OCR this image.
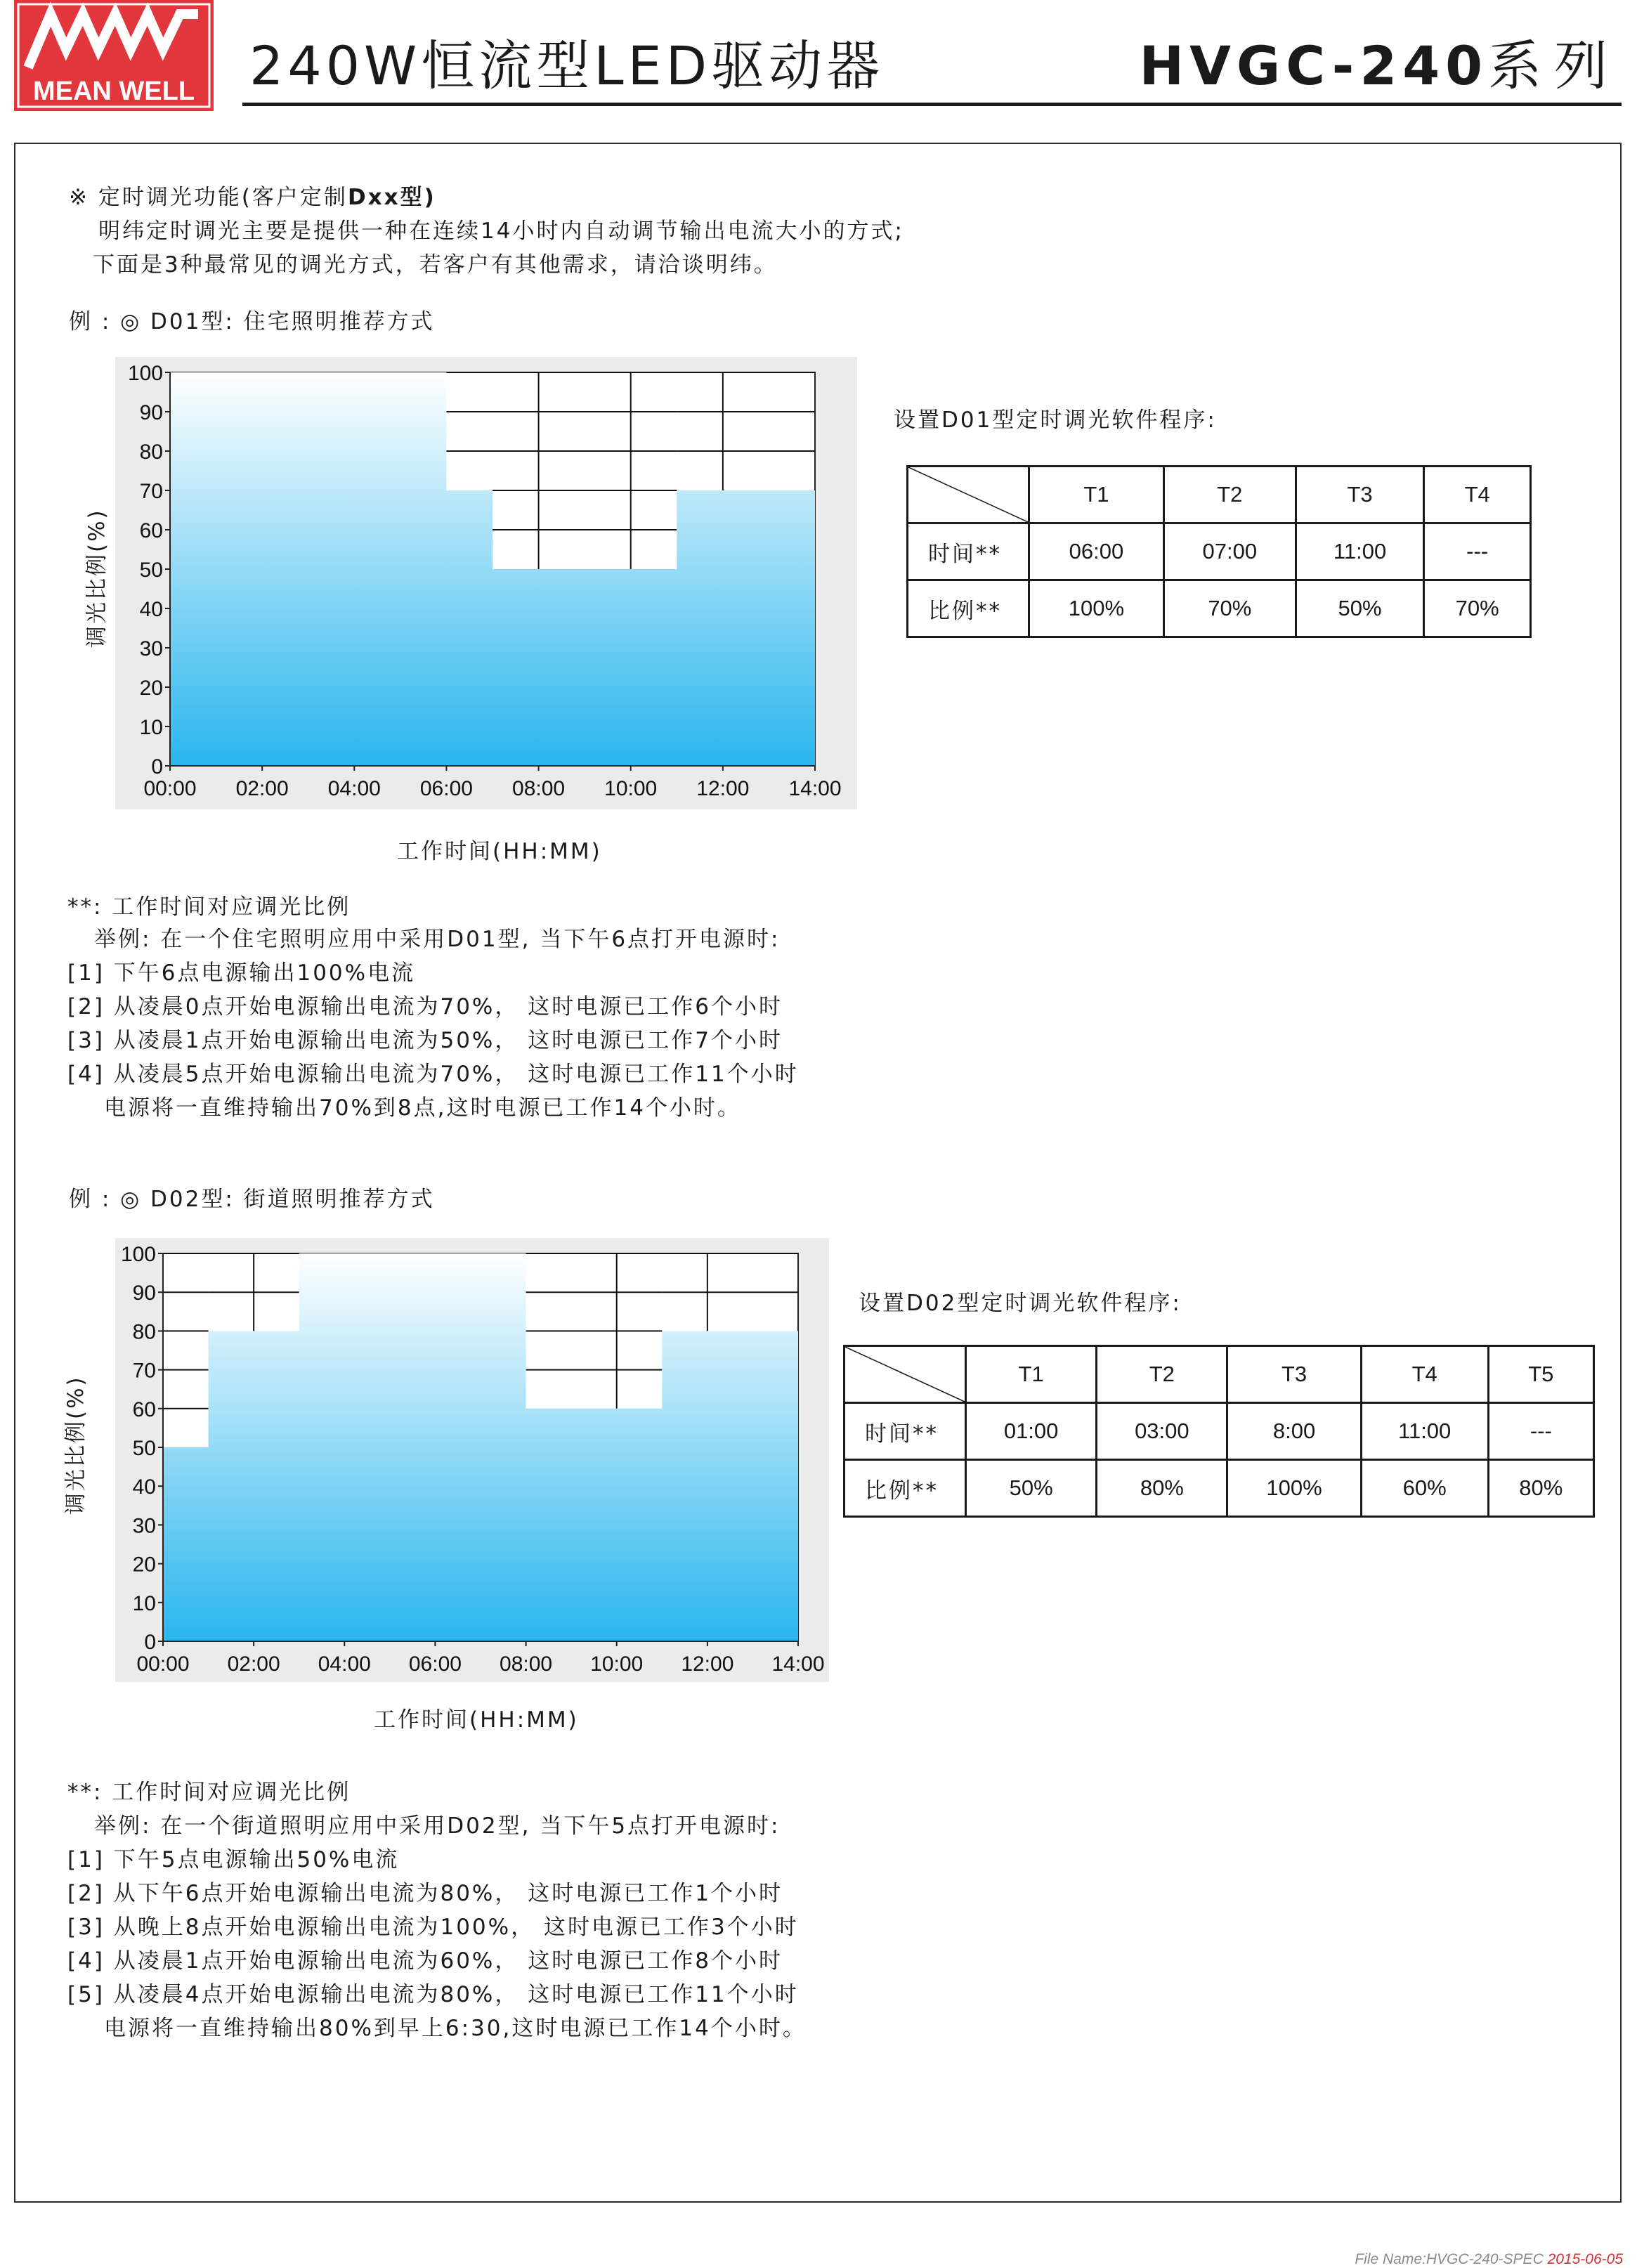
MEAN WELL 240W恒流型LED驱动器	HVGC-240系列
※ 定时调光功能(客户定制Dxx型)
明纬定时调光主要是提供一种在连续14小时内自动调节输出电流大小的方式;
下面是3种最常见的调光方式，若客户有其他需求，请洽谈明纬。
例 : ◎ D01型: 住宅照明推荐方式
0
10
20
30
40
50
60
70
80
90
100
00:00 02:00 04:00 06:00 08:00 10:00 12:00 14:00
调光比例(%)
工作时间(HH:MM)
设置D01型定时调光软件程序:
	T1	T2	T3	T4
时间**	06:00	07:00	11:00	---
比例**	100%	70%	50%	70%
**: 工作时间对应调光比例
举例: 在一个住宅照明应用中采用D01型, 当下午6点打开电源时:
[1] 下午6点电源输出100%电流
[2] 从凌晨0点开始电源输出电流为70%， 这时电源已工作6个小时
[3] 从凌晨1点开始电源输出电流为50%， 这时电源已工作7个小时
[4] 从凌晨5点开始电源输出电流为70%， 这时电源已工作11个小时
电源将一直维持输出70%到8点,这时电源已工作14个小时。
例 : ◎ D02型: 街道照明推荐方式
0
10
20
30
40
50
60
70
80
90
100
00:00 02:00 04:00 06:00 08:00 10:00 12:00 14:00
调光比例(%)
工作时间(HH:MM)
设置D02型定时调光软件程序:
	T1	T2	T3	T4	T5
时间**	01:00	03:00	8:00	11:00	---
比例**	50%	80%	100%	60%	80%
**: 工作时间对应调光比例
举例: 在一个街道照明应用中采用D02型, 当下午5点打开电源时:
[1] 下午5点电源输出50%电流
[2] 从下午6点开始电源输出电流为80%， 这时电源已工作1个小时
[3] 从晚上8点开始电源输出电流为100%， 这时电源已工作3个小时
[4] 从凌晨1点开始电源输出电流为60%， 这时电源已工作8个小时
[5] 从凌晨4点开始电源输出电流为80%， 这时电源已工作11个小时
电源将一直维持输出80%到早上6:30,这时电源已工作14个小时。
File Name:HVGC-240-SPEC 2015-06-05
